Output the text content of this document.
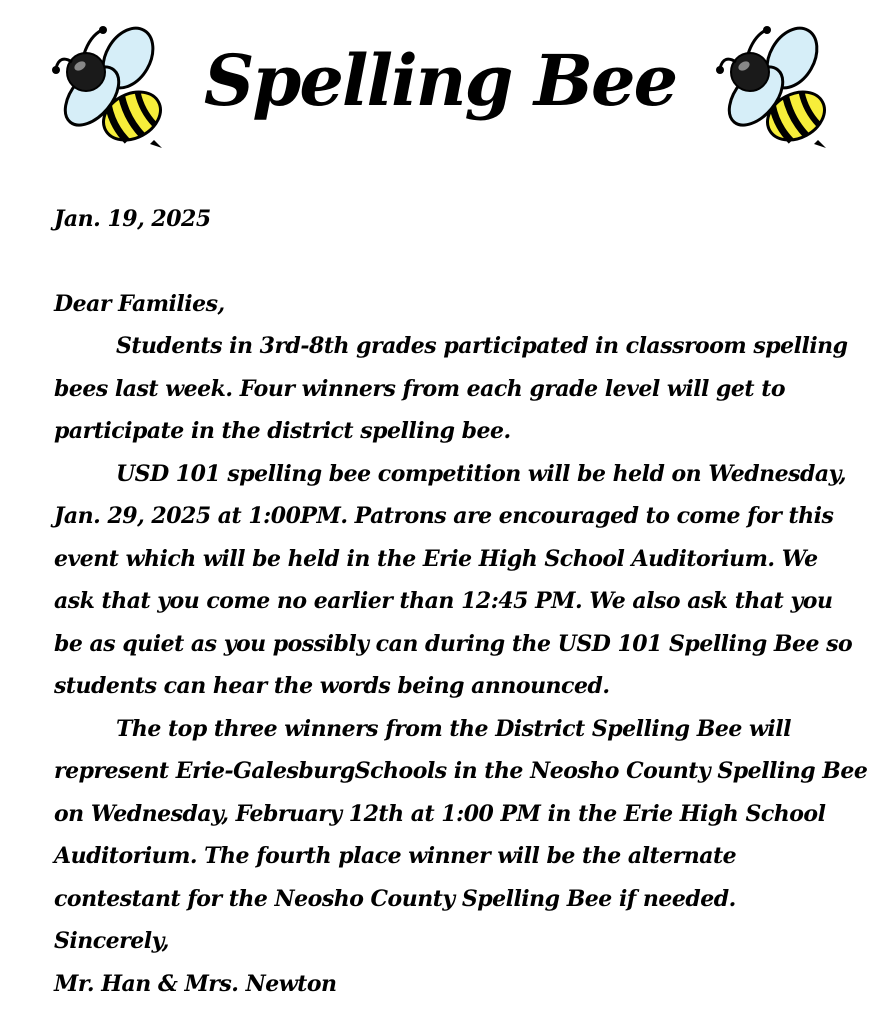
Spelling Bee
Jan. 19, 2025
Dear Families,
Students in 3rd-8th grades participated in classroom spelling
bees last week. Four winners from each grade level will get to
participate in the district spelling bee.
USD 101 spelling bee competition will be held on Wednesday,
Jan. 29, 2025 at 1:00PM. Patrons are encouraged to come for this
event which will be held in the Erie High School Auditorium. We
ask that you come no earlier than 12:45 PM. We also ask that you
be as quiet as you possibly can during the USD 101 Spelling Bee so
students can hear the words being announced.
The top three winners from the District Spelling Bee will
represent Erie-GalesburgSchools in the Neosho County Spelling Bee
on Wednesday, February 12th at 1:00 PM in the Erie High School
Auditorium. The fourth place winner will be the alternate
contestant for the Neosho County Spelling Bee if needed.
Sincerely,
Mr. Han & Mrs. Newton
